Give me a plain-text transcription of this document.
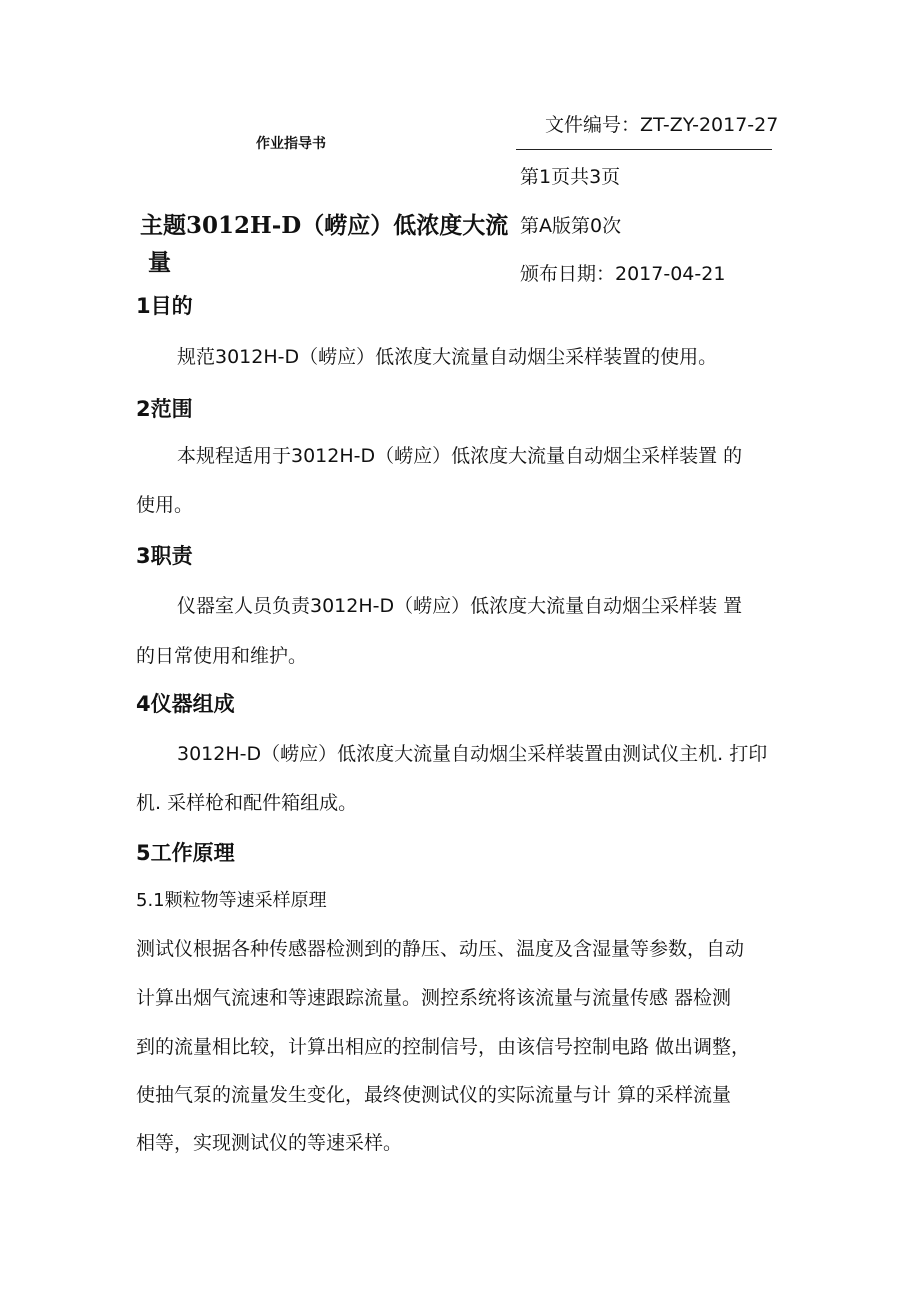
作业指导书
文件编号：ZT-ZY-2017-27
第1页共3页
第A版第0次
颁布日期：2017-04-21
主题3012H-D（崂应）低浓度大流
量
1目的
规范3012H-D（崂应）低浓度大流量自动烟尘采样装置的使用。
2范围
本规程适用于3012H-D（崂应）低浓度大流量自动烟尘采样装置 的
使用。
3职责
仪器室人员负责3012H-D（崂应）低浓度大流量自动烟尘采样装 置
的日常使用和维护。
4仪器组成
3012H-D（崂应）低浓度大流量自动烟尘采样装置由测试仪主机. 打印
机. 采样枪和配件箱组成。
5工作原理
5.1颗粒物等速采样原理
测试仪根据各种传感器检测到的静压、动压、温度及含湿量等参数，自动
计算出烟气流速和等速跟踪流量。测控系统将该流量与流量传感 器检测
到的流量相比较，计算出相应的控制信号，由该信号控制电路 做出调整，
使抽气泵的流量发生变化，最终使测试仪的实际流量与计 算的采样流量
相等，实现测试仪的等速采样。
